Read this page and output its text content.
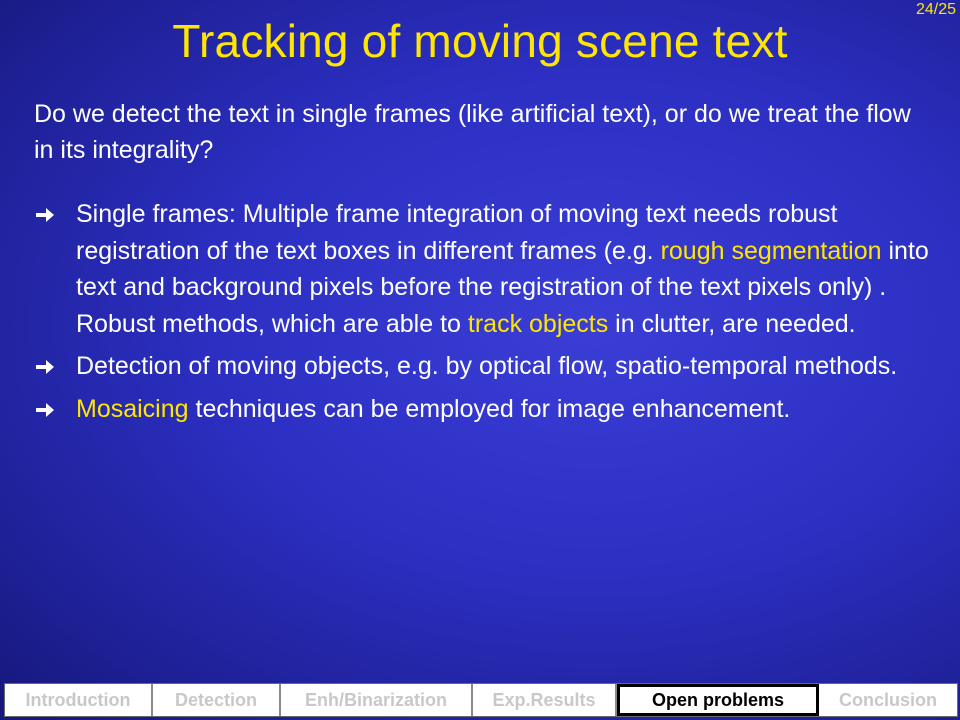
24/25
Tracking of moving scene text
Do we detect the text in single frames (like artificial text), or do we treat the flow in its integrality?
Single frames: Multiple frame integration of moving text needs robust registration of the text boxes in different frames (e.g. rough segmentation into text and background pixels before the registration of the text pixels only) . Robust methods, which are able to track objects in clutter, are needed.
Detection of moving objects, e.g. by optical flow, spatio-temporal methods.
Mosaicing techniques can be employed for image enhancement.
Introduction	Detection	Enh/Binarization	Exp.Results	Open problems	Conclusion
